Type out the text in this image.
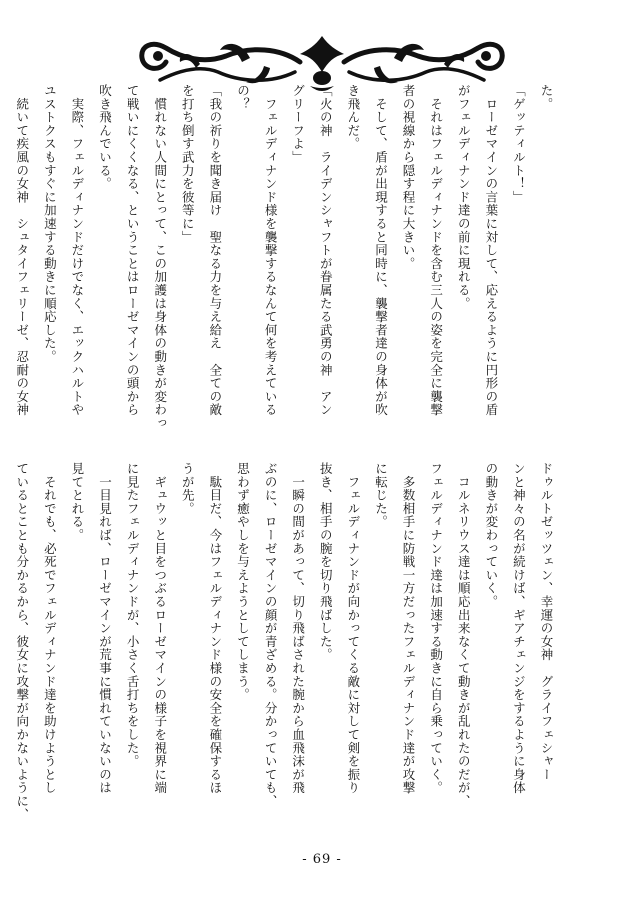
た。
「ゲッティルト！」
　ローゼマインの言葉に対して、応えるように円形の盾
がフェルディナンド達の前に現れる。
　それはフェルディナンドを含む三人の姿を完全に襲撃
者の視線から隠す程に大きい。
　そして、盾が出現すると同時に、襲撃者達の身体が吹
き飛んだ。
「火の神　ライデンシャフトが眷属たる武勇の神　アン
グリーフよ」
　フェルディナンド様を襲撃するなんて何を考えている
の？
「我の祈りを聞き届け　聖なる力を与え給え　全ての敵
を打ち倒す武力を彼等に」
　慣れない人間にとって、この加護は身体の動きが変わっ
て戦いにくくなる、ということはローゼマインの頭から
吹き飛んでいる。
　実際、フェルディナンドだけでなく、エックハルトや
ユストクスもすぐに加速する動きに順応した。
　続いて疾風の女神　シュタイフェリーゼ、忍耐の女神
ドゥルトゼッツェン、幸運の女神　グライフェシャー
ンと神々の名が続けば、ギアチェンジをするように身体
の動きが変わっていく。
　コルネリウス達は順応出来なくて動きが乱れたのだが、
フェルディナンド達は加速する動きに自ら乗っていく。
　多数相手に防戦一方だったフェルディナンド達が攻撃
に転じた。
　フェルディナンドが向かってくる敵に対して剣を振り
抜き、相手の腕を切り飛ばした。
　一瞬の間があって、切り飛ばされた腕から血飛沫が飛
ぶのに、ローゼマインの顔が青ざめる。分かっていても、
思わず癒やしを与えようとしてしまう。
　駄目だ、今はフェルディナンド様の安全を確保するほ
うが先。
　ギュウッと目をつぶるローゼマインの様子を視界に端
に見たフェルディナンドが、小さく舌打ちをした。
　一目見れば、ローゼマインが荒事に慣れていないのは
見てとれる。
　それでも、必死でフェルディナンド達を助けようとし
ているとことも分かるから、彼女に攻撃が向かないように、
- 69 -
